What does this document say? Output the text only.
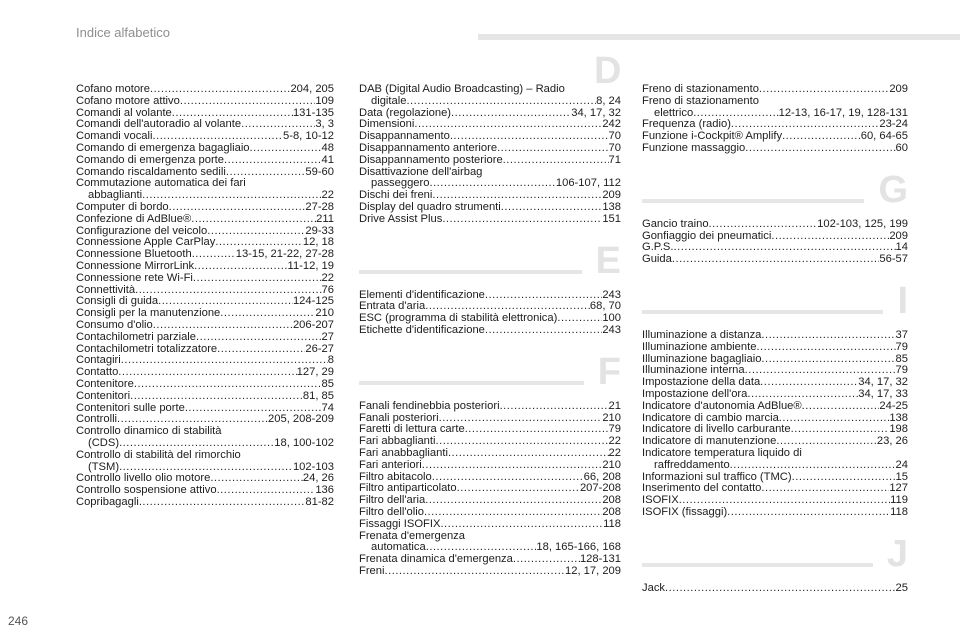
Indice alfabetico
D
Cofano motore .....	204, 205
Cofano motore attivo .....	109
Comandi al volante .....	131-135
Comandi dell'autoradio al volante .....	3, 3
Comandi vocali .....	5-8, 10-12
Comando di emergenza bagagliaio .....	48
Comando di emergenza porte .....	41
Comando riscaldamento sedili .....	59-60
Commutazione automatica dei fari
abbaglianti .....	22
Computer di bordo .....	27-28
Confezione di AdBlue® .....	211
Configurazione del veicolo .....	29-33
Connessione Apple CarPlay .....	12, 18
Connessione Bluetooth .....	13-15, 21-22, 27-28
Connessione MirrorLink .....	11-12, 19
Connessione rete Wi-Fi .....	22
Connettività .....	76
Consigli di guida .....	124-125
Consigli per la manutenzione .....	210
Consumo d'olio .....	206-207
Contachilometri parziale .....	27
Contachilometri totalizzatore .....	26-27
Contagiri .....	8
Contatto .....	127, 29
Contenitore .....	85
Contenitori .....	81, 85
Contenitori sulle porte .....	74
Controlli .....	205, 208-209
Controllo dinamico di stabilità
(CDS) .....	18, 100-102
Controllo di stabilità del rimorchio
(TSM) .....	102-103
Controllo livello olio motore .....	24, 26
Controllo sospensione attivo .....	136
Copribagagli .....	81-82
DAB (Digital Audio Broadcasting) – Radio
digitale .....	8, 24
Data (regolazione) .....	34, 17, 32
Dimensioni .....	242
Disappannamento .....	70
Disappannamento anteriore .....	70
Disappannamento posteriore .....	71
Disattivazione dell'airbag
passeggero .....	106-107, 112
Dischi dei freni .....	209
Display del quadro strumenti .....	138
Drive Assist Plus .....	151
E
Elementi d'identificazione .....	243
Entrata d'aria .....	68, 70
ESC (programma di stabilità elettronica) .....	100
Etichette d'identificazione .....	243
F
Fanali fendinebbia posteriori .....	21
Fanali posteriori .....	210
Faretti di lettura carte .....	79
Fari abbaglianti .....	22
Fari anabbaglianti .....	22
Fari anteriori .....	210
Filtro abitacolo .....	66, 208
Filtro antiparticolato .....	207-208
Filtro dell'aria .....	208
Filtro dell'olio .....	208
Fissaggi ISOFIX .....	118
Frenata d'emergenza
automatica .....	18, 165-166, 168
Frenata dinamica d'emergenza .....	128-131
Freni .....	12, 17, 209
Freno di stazionamento .....	209
Freno di stazionamento
elettrico .....	12-13, 16-17, 19, 128-131
Frequenza (radio) .....	23-24
Funzione i-Cockpit® Amplify .....	60, 64-65
Funzione massaggio .....	60
G
Gancio traino .....	102-103, 125, 199
Gonfiaggio dei pneumatici .....	209
G.P.S. .....	14
Guida .....	56-57
I
Illuminazione a distanza .....	37
Illuminazione ambiente .....	79
Illuminazione bagagliaio .....	85
Illuminazione interna .....	79
Impostazione della data .....	34, 17, 32
Impostazione dell'ora .....	34, 17, 33
Indicatore d'autonomia AdBlue® .....	24-25
Indicatore di cambio marcia .....	138
Indicatore di livello carburante .....	198
Indicatore di manutenzione .....	23, 26
Indicatore temperatura liquido di
raffreddamento .....	24
Informazioni sul traffico (TMC) .....	15
Inserimento del contatto .....	127
ISOFIX .....	119
ISOFIX (fissaggi) .....	118
J
Jack .....	25
246
